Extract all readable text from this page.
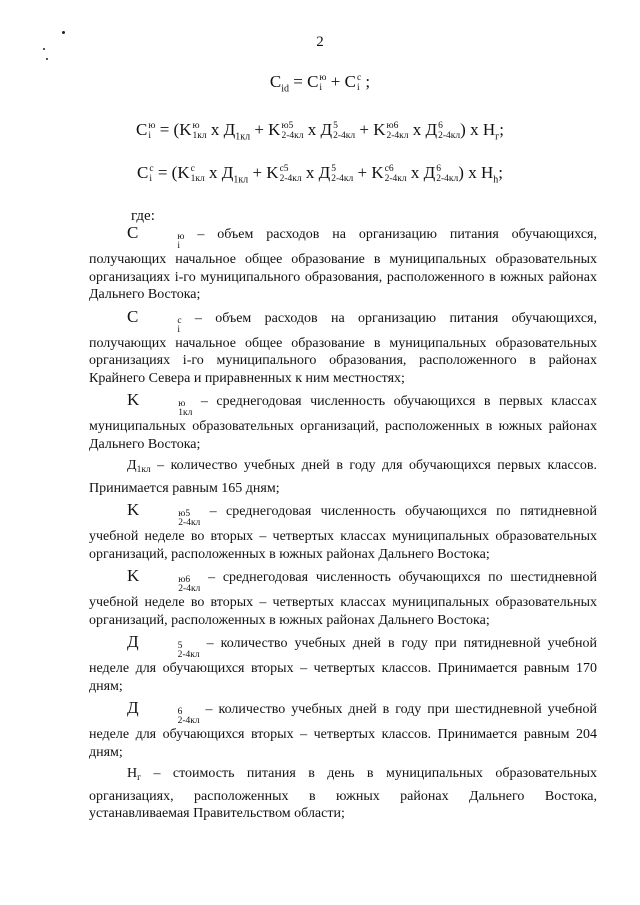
2
$C_{id} = C$ ю
i + C с
i ;
C ю
i = (K ю
1кл x $Д_{1кл} + K$ ю5
2-4кл x Д 5
2-4кл + K ю6
2-4кл x Д 6
2-4кл ) x $H_г$;
C с
i = (K с
1кл x $Д_{1кл} + K$ с5
2-4кл x Д 5
2-4кл + K с6
2-4кл x Д 6
2-4кл ) x $H_h$;
где:

C	ю
i
– объем расходов на организацию питания обучающихся, получающих начальное общее образование в муниципальных образовательных организациях i-го муниципального образования, расположенного в южных районах Дальнего Востока;

C	с
i
– объем расходов на организацию питания обучающихся, получающих начальное общее образование в муниципальных образовательных организациях i-го муниципального образования, расположенного в районах Крайнего Севера и приравненных к ним местностях;

K	ю
1кл
– среднегодовая численность обучающихся в первых классах муниципальных образовательных организаций, расположенных в южных районах Дальнего Востока;

$Д_{1кл}$ – количество учебных дней в году для обучающихся первых классов. Принимается равным 165 дням;

K	ю5
2-4кл
– среднегодовая численность обучающихся по пятидневной учебной неделе во вторых – четвертых классах муниципальных образовательных организаций, расположенных в южных районах Дальнего Востока;

K	ю6
2-4кл
– среднегодовая численность обучающихся по шестидневной учебной неделе во вторых – четвертых классах муниципальных образовательных организаций, расположенных в южных районах Дальнего Востока;

Д	5
2-4кл
– количество учебных дней в году при пятидневной учебной неделе для обучающихся вторых – четвертых классов. Принимается равным 170 дням;

Д	6
2-4кл
– количество учебных дней в году при шестидневной учебной неделе для обучающихся вторых – четвертых классов. Принимается равным 204 дням;

$H_г$ – стоимость питания в день в муниципальных образовательных организациях, расположенных в южных районах Дальнего Востока, устанавливаемая Правительством области;
